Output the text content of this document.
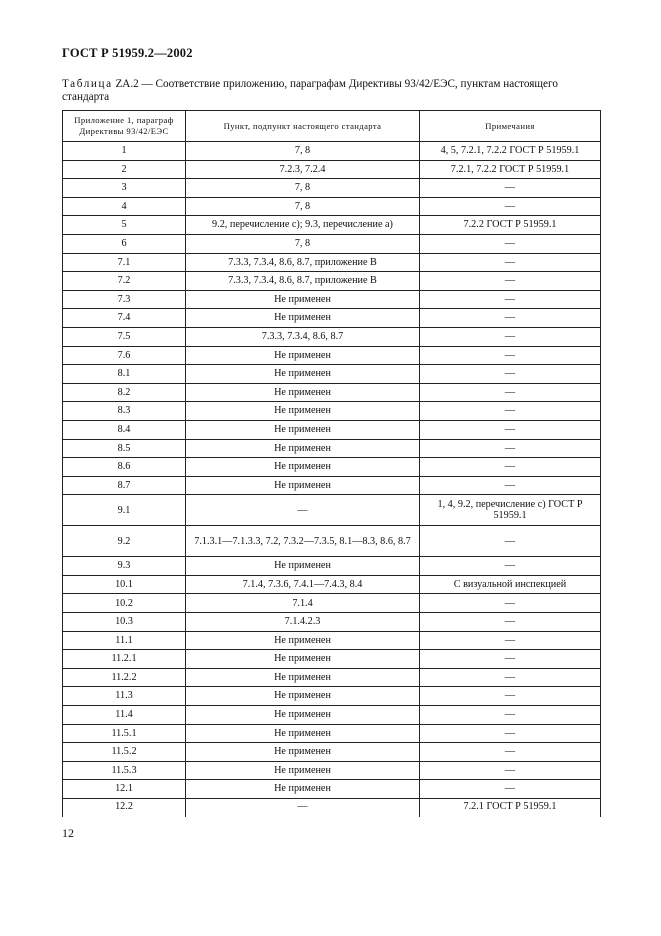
ГОСТ Р 51959.2—2002
Таблица ZA.2 — Соответствие приложению, параграфам Директивы 93/42/ЕЭС, пунктам настоящего стандарта
Приложение 1, параграф Директивы 93/42/ЕЭС	Пункт, подпункт настоящего стандарта	Примечания
1	7, 8	4, 5, 7.2.1, 7.2.2 ГОСТ Р 51959.1
2	7.2.3, 7.2.4	7.2.1, 7.2.2 ГОСТ Р 51959.1
3	7, 8	—
4	7, 8	—
5	9.2, перечисление с); 9.3, перечисление а)	7.2.2 ГОСТ Р 51959.1
6	7, 8	—
7.1	7.3.3, 7.3.4, 8.6, 8.7, приложение В	—
7.2	7.3.3, 7.3.4, 8.6, 8.7, приложение В	—
7.3	Не применен	—
7.4	Не применен	—
7.5	7.3.3, 7.3.4, 8.6, 8.7	—
7.6	Не применен	—
8.1	Не применен	—
8.2	Не применен	—
8.3	Не применен	—
8.4	Не применен	—
8.5	Не применен	—
8.6	Не применен	—
8.7	Не применен	—
9.1	—	1, 4, 9.2, перечисление с) ГОСТ Р 51959.1
9.2	7.1.3.1—7.1.3.3, 7.2, 7.3.2—7.3.5, 8.1—8.3, 8.6, 8.7	—
9.3	Не применен	—
10.1	7.1.4, 7.3.6, 7.4.1—7.4.3, 8.4	С визуальной инспекцией
10.2	7.1.4	—
10.3	7.1.4.2.3	—
11.1	Не применен	—
11.2.1	Не применен	—
11.2.2	Не применен	—
11.3	Не применен	—
11.4	Не применен	—
11.5.1	Не применен	—
11.5.2	Не применен	—
11.5.3	Не применен	—
12.1	Не применен	—
12.2	—	7.2.1 ГОСТ Р 51959.1
12
